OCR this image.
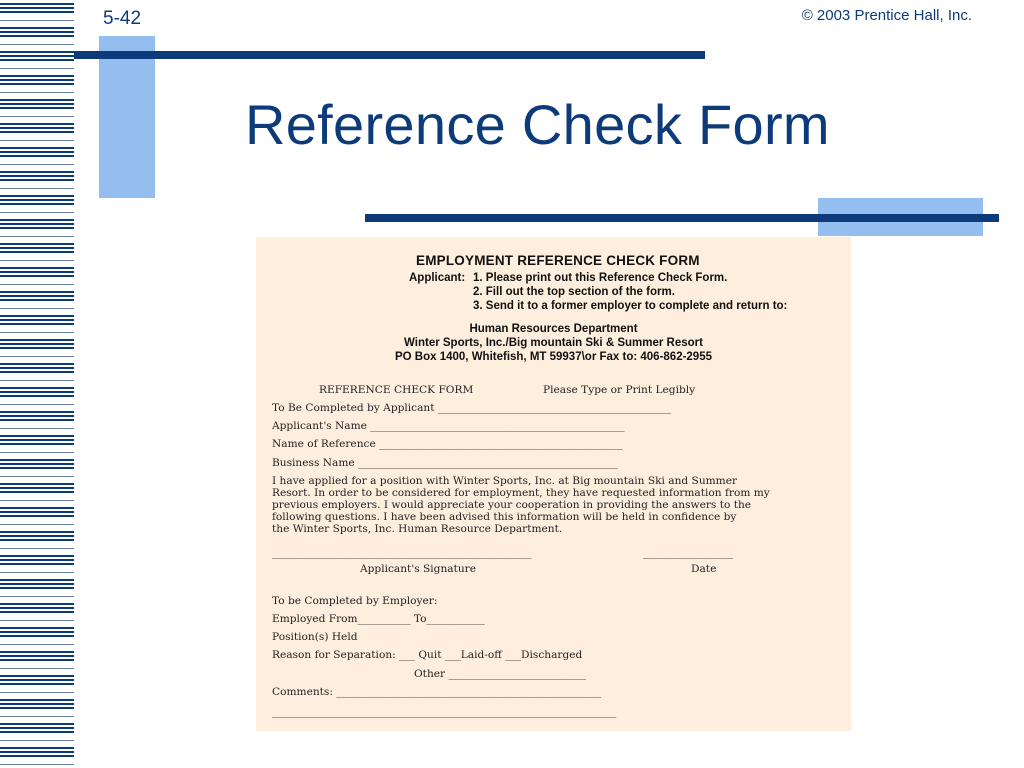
5-42	© 2003 Prentice Hall, Inc.
Reference Check Form
EMPLOYMENT REFERENCE CHECK FORM
Applicant: 1. Please print out this Reference Check Form.
2. Fill out the top section of the form.
3. Send it to a former employer to complete and return to:
Human Resources Department
Winter Sports, Inc./Big mountain Ski & Summer Resort
PO Box 1400, Whitefish, MT 59937\or Fax to: 406-862-2955
REFERENCE CHECK FORM	Please Type or Print Legibly
To Be Completed by Applicant ____________________________________________
Applicant's Name ________________________________________________
Name of Reference ______________________________________________
Business Name _________________________________________________
I have applied for a position with Winter Sports, Inc. at Big mountain Ski and Summer
Resort. In order to be considered for employment, they have requested information from my
previous employers. I would appreciate your cooperation in providing the answers to the
following questions. I have been advised this information will be held in confidence by
the Winter Sports, Inc. Human Resource Department.
_________________________________________________	_________________
Applicant's Signature	Date
To be Completed by Employer:
Employed From__________ To___________
Position(s) Held
Reason for Separation: ___ Quit ___Laid-off ___Discharged
Other __________________________
Comments: __________________________________________________
_________________________________________________________________
